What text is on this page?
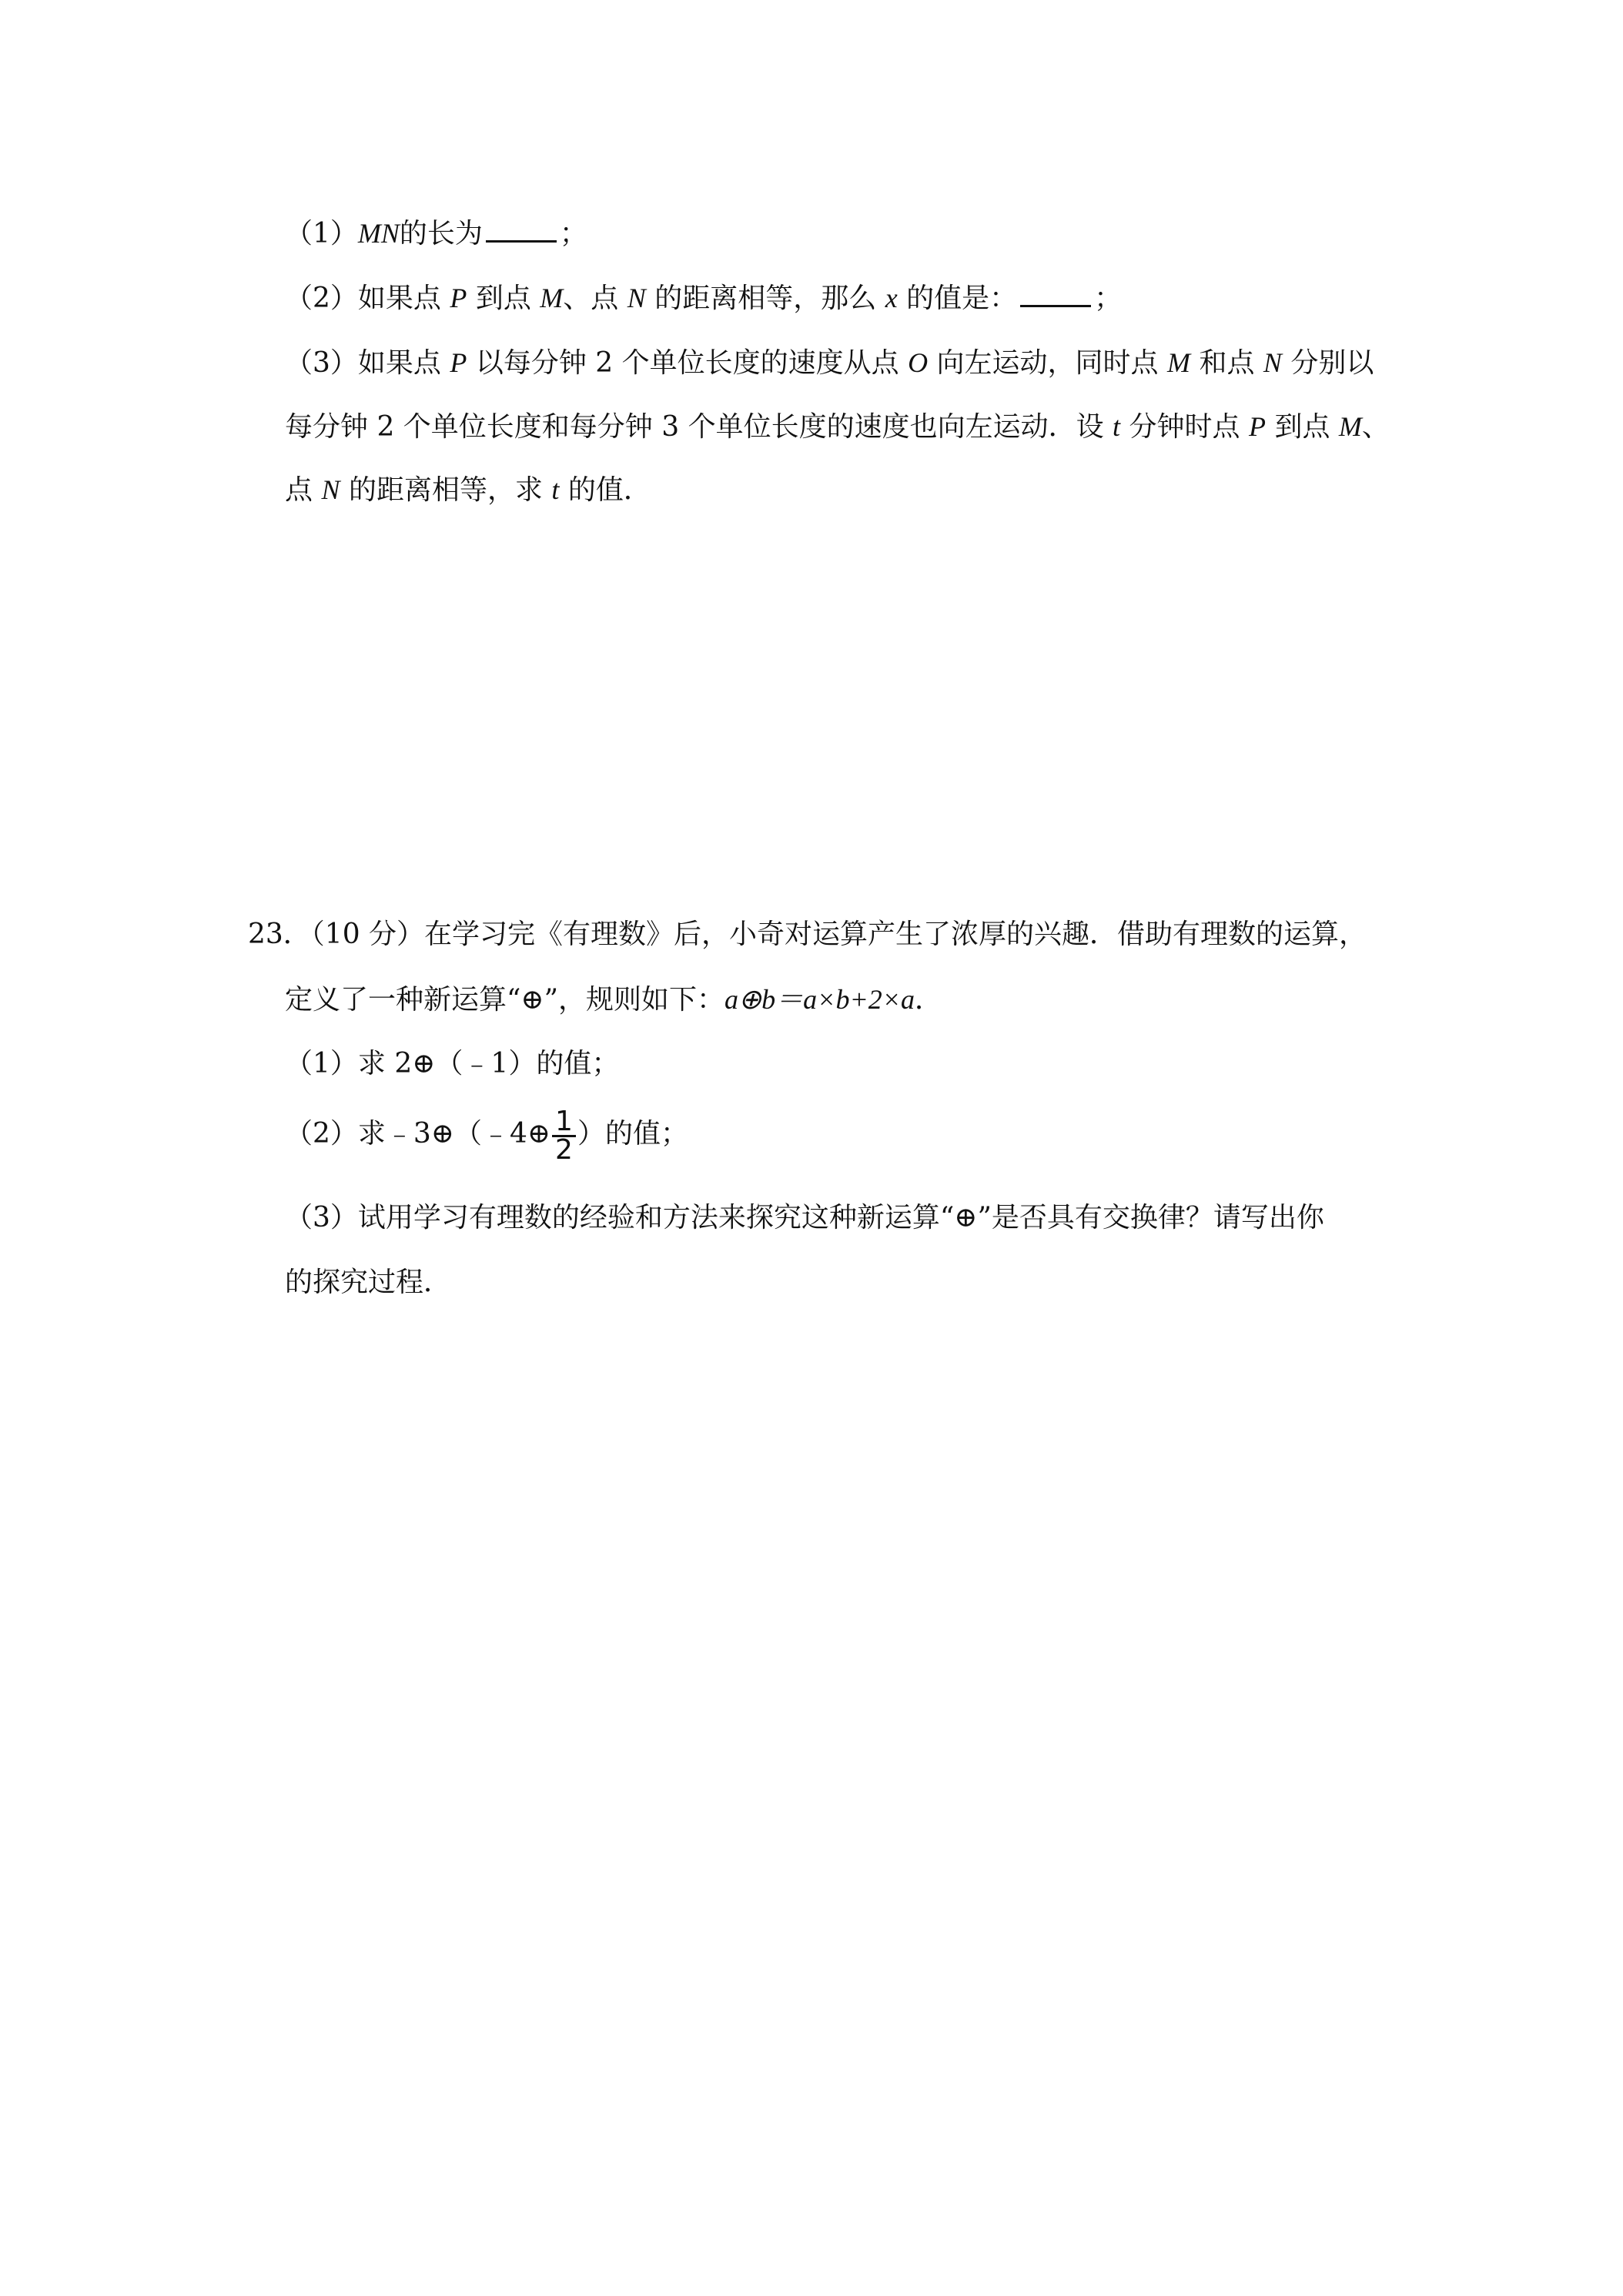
（1）MN的长为	；
（2）如果点 P 到点 M、点 N 的距离相等，那么 x 的值是：	；
（3）如果点 P 以每分钟 2 个单位长度的速度从点 O 向左运动，同时点 M 和点 N 分别以
每分钟 2 个单位长度和每分钟 3 个单位长度的速度也向左运动．设 t 分钟时点 P 到点 M、
点 N 的距离相等，求 t 的值．
23．（10 分）在学习完《有理数》后，小奇对运算产生了浓厚的兴趣．借助有理数的运算，
定义了一种新运算“⊕”，规则如下：a⊕b＝a×b+2×a．
（1）求 2⊕（﹣1）的值；
（2）求﹣3⊕（﹣4⊕ $\frac{1}{2}$ ）的值；
（3）试用学习有理数的经验和方法来探究这种新运算“⊕”是否具有交换律？请写出你
的探究过程．
